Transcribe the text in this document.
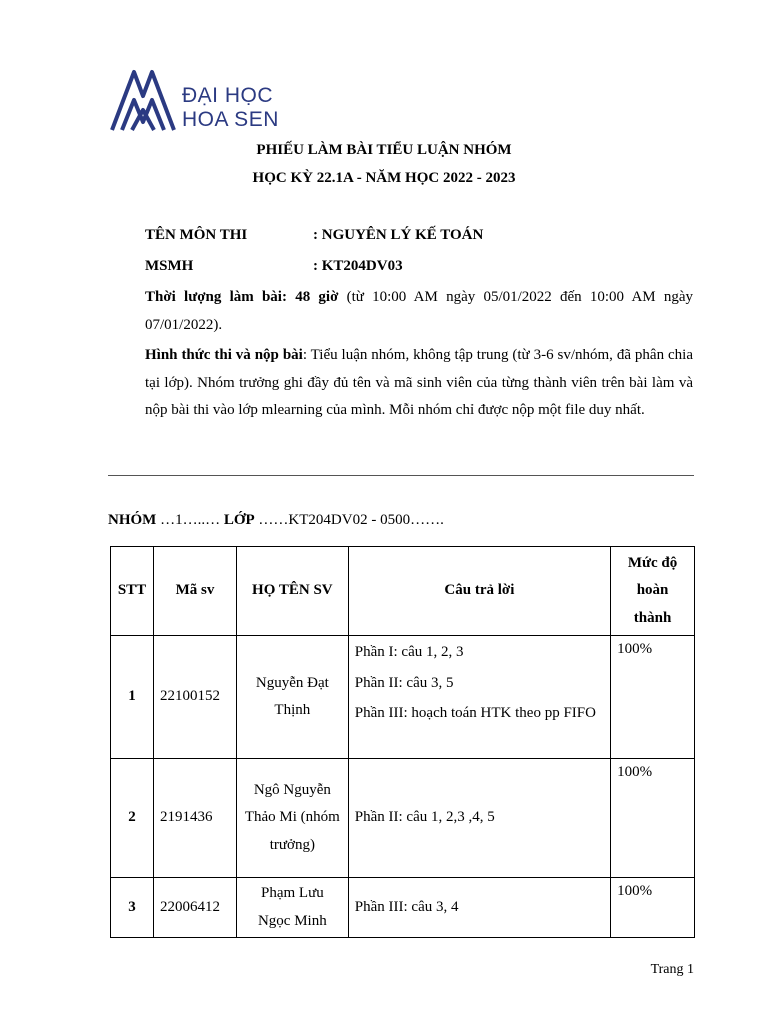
ĐẠI HỌC
HOA SEN
PHIẾU LÀM BÀI TIỂU LUẬN NHÓM
HỌC KỲ 22.1A - NĂM HỌC 2022 - 2023
TÊN MÔN THI	: NGUYÊN LÝ KẾ TOÁN
MSMH	: KT204DV03
Thời lượng làm bài: 48 giờ (từ 10:00 AM ngày 05/01/2022 đến 10:00 AM ngày 07/01/2022).
Hình thức thi và nộp bài: Tiểu luận nhóm, không tập trung (từ 3-6 sv/nhóm, đã phân chia tại lớp). Nhóm trưởng ghi đầy đủ tên và mã sinh viên của từng thành viên trên bài làm và nộp bài thi vào lớp mlearning của mình. Mỗi nhóm chỉ được nộp một file duy nhất.
NHÓM …1…..… LỚP ……KT204DV02 - 0500…….
STT	Mã sv	HỌ TÊN SV	Câu trả lời	Mức độ hoàn thành
1	22100152	Nguyễn Đạt Thịnh	Phần I: câu 1, 2, 3
Phần II: câu 3, 5
Phần III: hoạch toán HTK theo pp FIFO	100%
2	2191436	Ngô Nguyễn Thảo Mi (nhóm trưởng)	Phần II: câu 1, 2,3 ,4, 5	100%
3	22006412	Phạm Lưu Ngọc Minh	Phần III: câu 3, 4	100%
Trang 1
